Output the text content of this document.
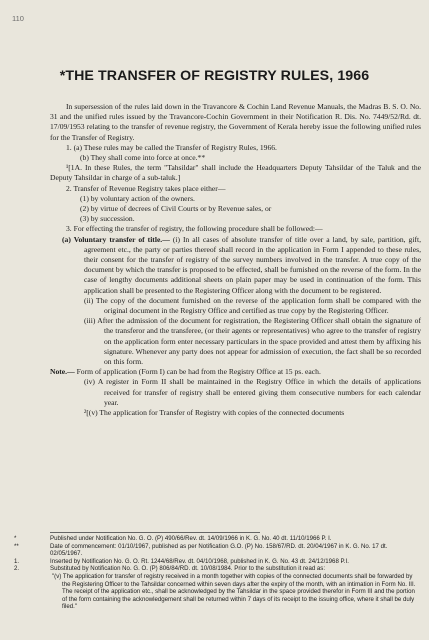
110
*THE TRANSFER OF REGISTRY RULES, 1966

In supersession of the rules laid down in the Travancore & Cochin Land Revenue Manuals, the Madras B. S. O. No. 31 and the unified rules issued by the Travancore-Cochin Government in their Notification R. Dis. No. 7449/52/Rd. dt. 17/09/1953 relating to the transfer of revenue registry, the Government of Kerala hereby issue the following unified rules for the Transfer of Registry.

1. (a) These rules may be called the Transfer of Registry Rules, 1966.

(b) They shall come into force at once.**

¹[1A. In these Rules, the term "Tahsildar" shall include the Headquarters Deputy Tahsildar of the Taluk and the Deputy Tahsildar in charge of a sub-taluk.]

2. Transfer of Revenue Registry takes place either—

(1) by voluntary action of the owners.

(2) by virtue of decrees of Civil Courts or by Revenue sales, or

(3) by succession.

3. For effecting the transfer of registry, the following procedure shall be followed:—

(a) Voluntary transfer of title.— (i) In all cases of absolute transfer of title over a land, by sale, partition, gift, agreement etc., the party or parties thereof shall record in the application in Form I appended to these rules, their consent for the transfer of registry of the survey numbers involved in the transfer. A true copy of the document by which the transfer is proposed to be effected, shall be furnished on the reverse of the form. In the case of lengthy documents additional sheets on plain paper may be used in continuation of the form. This application shall be presented to the Registering Officer along with the document to be registered.

(ii) The copy of the document furnished on the reverse of the application form shall be compared with the original document in the Registry Office and certified as true copy by the Registering Officer.

(iii) After the admission of the document for registration, the Registering Officer shall obtain the signature of the transferor and the transferee, (or their agents or representatives) who agree to the transfer of registry on the application form enter necessary particulars in the space provided and attest them by affixing his signature. Whenever any party does not appear for admission of execution, the fact shall be so recorded on this form.

Note.— Form of application (Form I) can be had from the Registry Office at 15 ps. each.

(iv) A register in Form II shall be maintained in the Registry Office in which the details of applications received for transfer of registry shall be entered giving them consecutive numbers for each calendar year.

²[(v) The application for Transfer of Registry with copies of the connected documents

*	Published under Notification No. G. O. (P) 490/66/Rev. dt. 14/09/1966 in K. G. No. 40 dt. 11/10/1966 P. I.
**	Date of commencement: 01/10/1967, published as per Notification G.O. (P) No. 158/67/RD. dt. 20/04/1967 in K. G. No. 17 dt. 02/05/1967.
1.	Inserted by Notification No. G. O. Rt. 1244/68/Rev. dt. 04/10/1968, published in K. G. No. 43 dt. 24/12/1968 P.I.
2.	Substituted by Notification No. G. O. (P) 806/84/RD. dt. 10/08/1984. Prior to the substitution it read as:
"(v) The application for transfer of registry received in a month together with copies of the connected documents shall be forwarded by the Registering Officer to the Tahsildar concerned within seven days after the expiry of the month, with an intimation in Form No. III. The receipt of the application etc., shall be acknowledged by the Tahsildar in the space provided therefor in Form III and the portion of the form containing the acknowledgement shall be returned within 7 days of its receipt to the issuing office, where it shall be duly filed."
